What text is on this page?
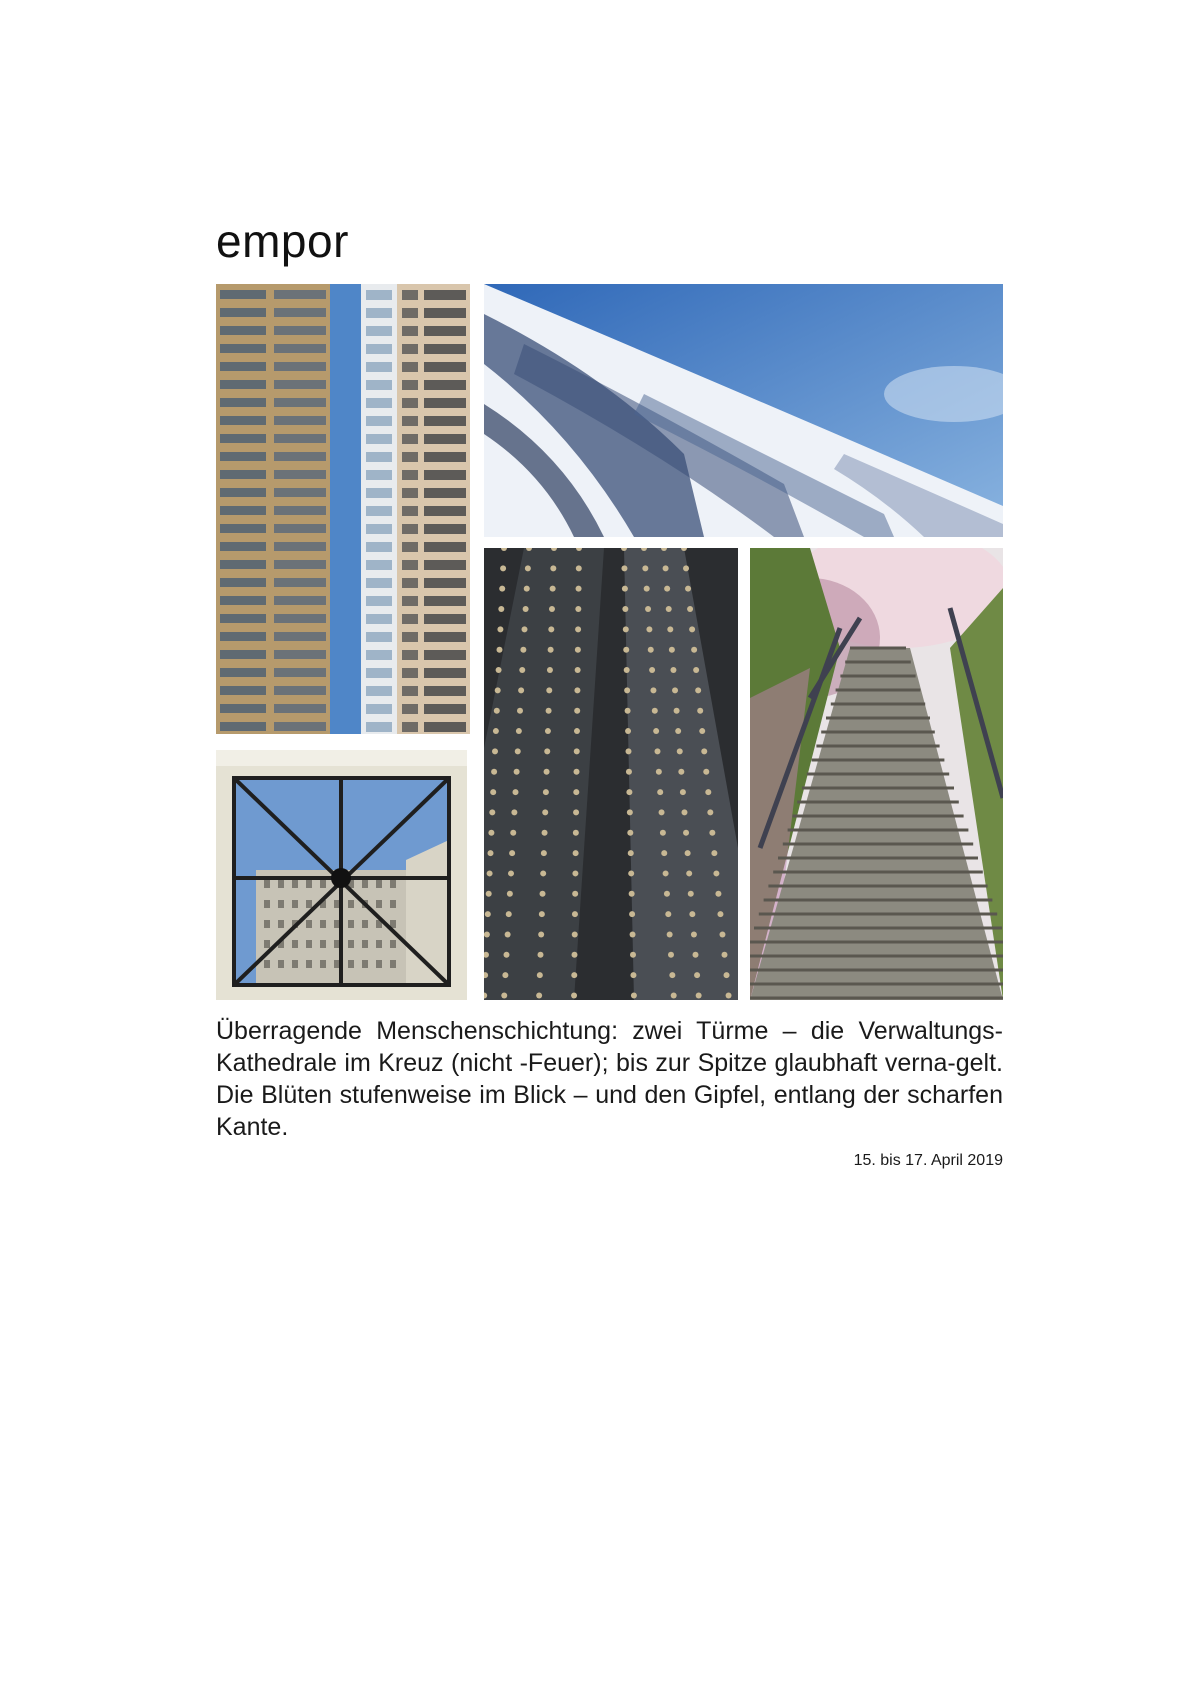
empor
Überragende Menschenschichtung: zwei Türme – die Verwaltungs-Kathedrale im Kreuz (nicht -Feuer); bis zur Spitze glaubhaft verna-gelt. Die Blüten stufenweise im Blick – und den Gipfel, entlang der scharfen Kante.
15. bis 17. April 2019
